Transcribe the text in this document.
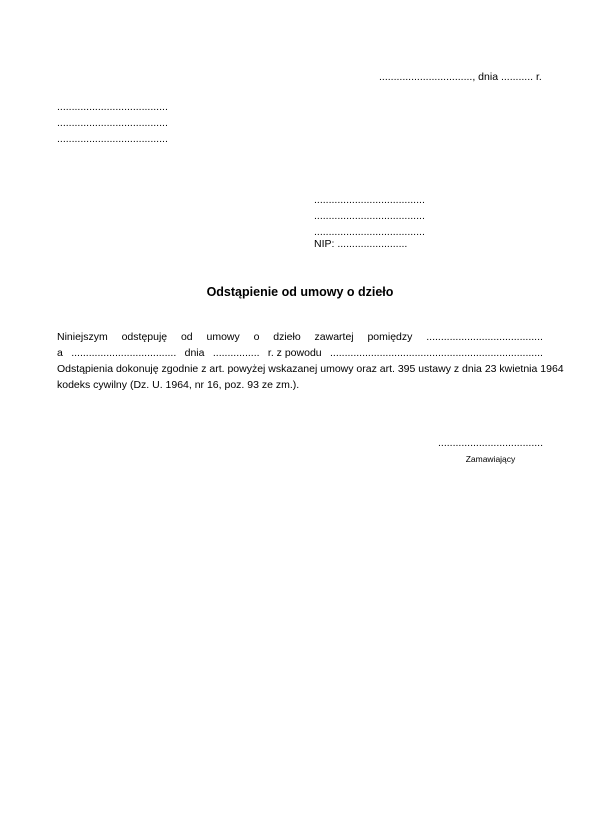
................................, dnia ........... r.
......................................
......................................
......................................
......................................
......................................
......................................
NIP: ........................
Odstąpienie od umowy o dzieło
Niniejszym odstępuję od umowy o dzieło zawartej pomiędzy ........................................
a .................................... dnia ................ r. z powodu .........................................................................
Odstąpienia dokonuję zgodnie z art. powyżej wskazanej umowy oraz art. 395 ustawy z dnia 23 kwietnia 1964
kodeks cywilny (Dz. U. 1964, nr 16, poz. 93 ze zm.).
....................................
Zamawiający
